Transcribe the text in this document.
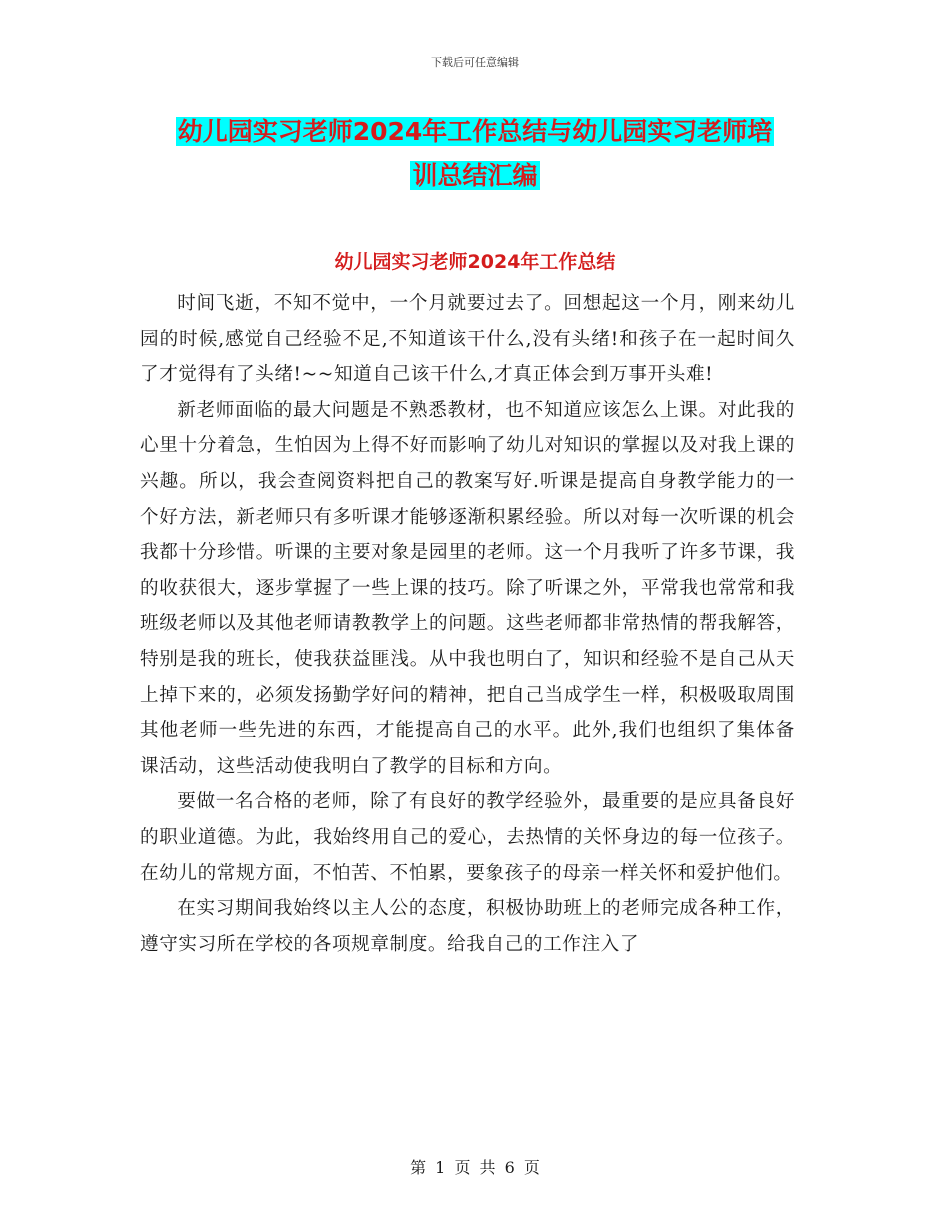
下载后可任意编辑
幼儿园实习老师2024年工作总结与幼儿园实习老师培
训总结汇编
幼儿园实习老师2024年工作总结

时间飞逝，不知不觉中，一个月就要过去了。回想起这一个月，刚来幼儿园的时候,感觉自己经验不足,不知道该干什么,没有头绪!和孩子在一起时间久了才觉得有了头绪!~~知道自己该干什么,才真正体会到万事开头难!

新老师面临的最大问题是不熟悉教材，也不知道应该怎么上课。对此我的心里十分着急，生怕因为上得不好而影响了幼儿对知识的掌握以及对我上课的兴趣。所以，我会查阅资料把自己的教案写好.听课是提高自身教学能力的一个好方法，新老师只有多听课才能够逐渐积累经验。所以对每一次听课的机会我都十分珍惜。听课的主要对象是园里的老师。这一个月我听了许多节课，我的收获很大，逐步掌握了一些上课的技巧。除了听课之外，平常我也常常和我班级老师以及其他老师请教教学上的问题。这些老师都非常热情的帮我解答，特别是我的班长，使我获益匪浅。从中我也明白了，知识和经验不是自己从天上掉下来的，必须发扬勤学好问的精神，把自己当成学生一样，积极吸取周围其他老师一些先进的东西，才能提高自己的水平。此外,我们也组织了集体备课活动，这些活动使我明白了教学的目标和方向。

要做一名合格的老师，除了有良好的教学经验外，最重要的是应具备良好的职业道德。为此，我始终用自己的爱心，去热情的关怀身边的每一位孩子。在幼儿的常规方面，不怕苦、不怕累，要象孩子的母亲一样关怀和爱护他们。

在实习期间我始终以主人公的态度，积极协助班上的老师完成各种工作，遵守实习所在学校的各项规章制度。给我自己的工作注入了

第 1 页 共 6 页
